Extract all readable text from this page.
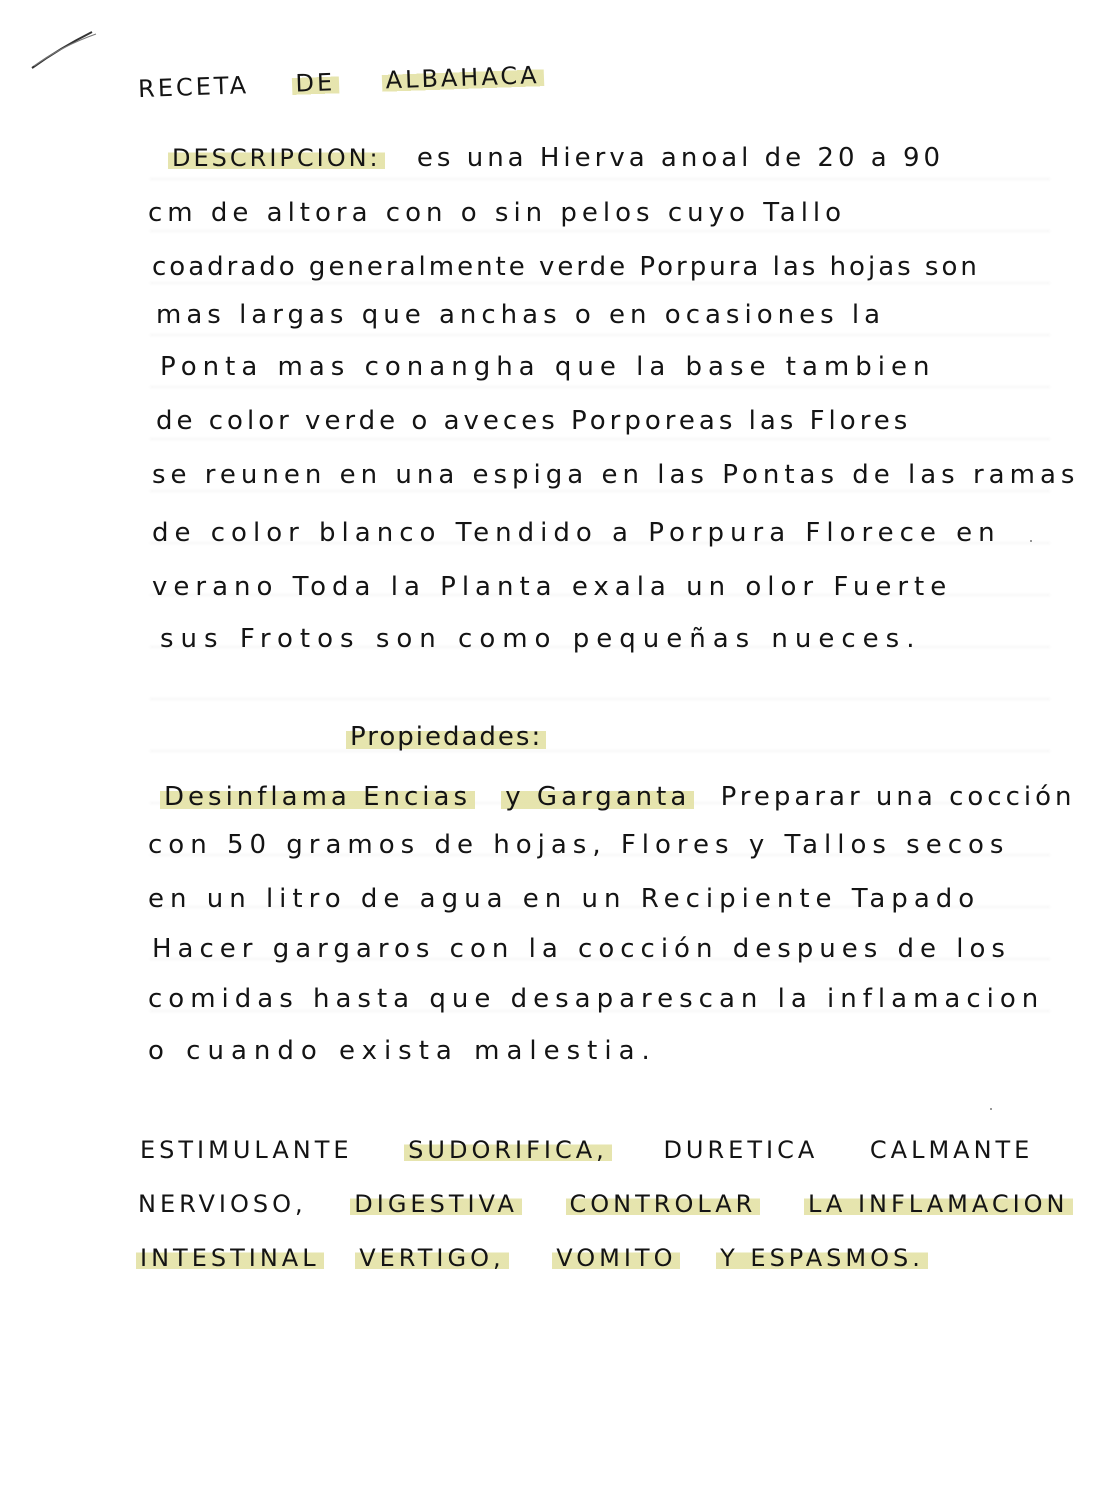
RECETA DE ALBAHACA
DESCRIPCION: es una Hierva anoal de 20 a 90
cm de altora con o sin pelos cuyo Tallo
coadrado generalmente verde Porpura las hojas son
mas largas que anchas o en ocasiones la
Ponta mas conangha que la base tambien
de color verde o aveces Porporeas las Flores
se reunen en una espiga en las Pontas de las ramas
de color blanco Tendido a Porpura Florece en
verano Toda la Planta exala un olor Fuerte
sus Frotos son como pequeñas nueces.
Propiedades:
Desinflama Encias y Garganta Preparar una cocción
con 50 gramos de hojas, Flores y Tallos secos
en un litro de agua en un Recipiente Tapado
Hacer gargaros con la cocción despues de los
comidas hasta que desaparescan la inflamacion
o cuando exista malestia.
ESTIMULANTE SUDORIFICA, DURETICA CALMANTE
NERVIOSO, DIGESTIVA CONTROLAR LA INFLAMACION
INTESTINAL VERTIGO, VOMITO Y ESPASMOS.
